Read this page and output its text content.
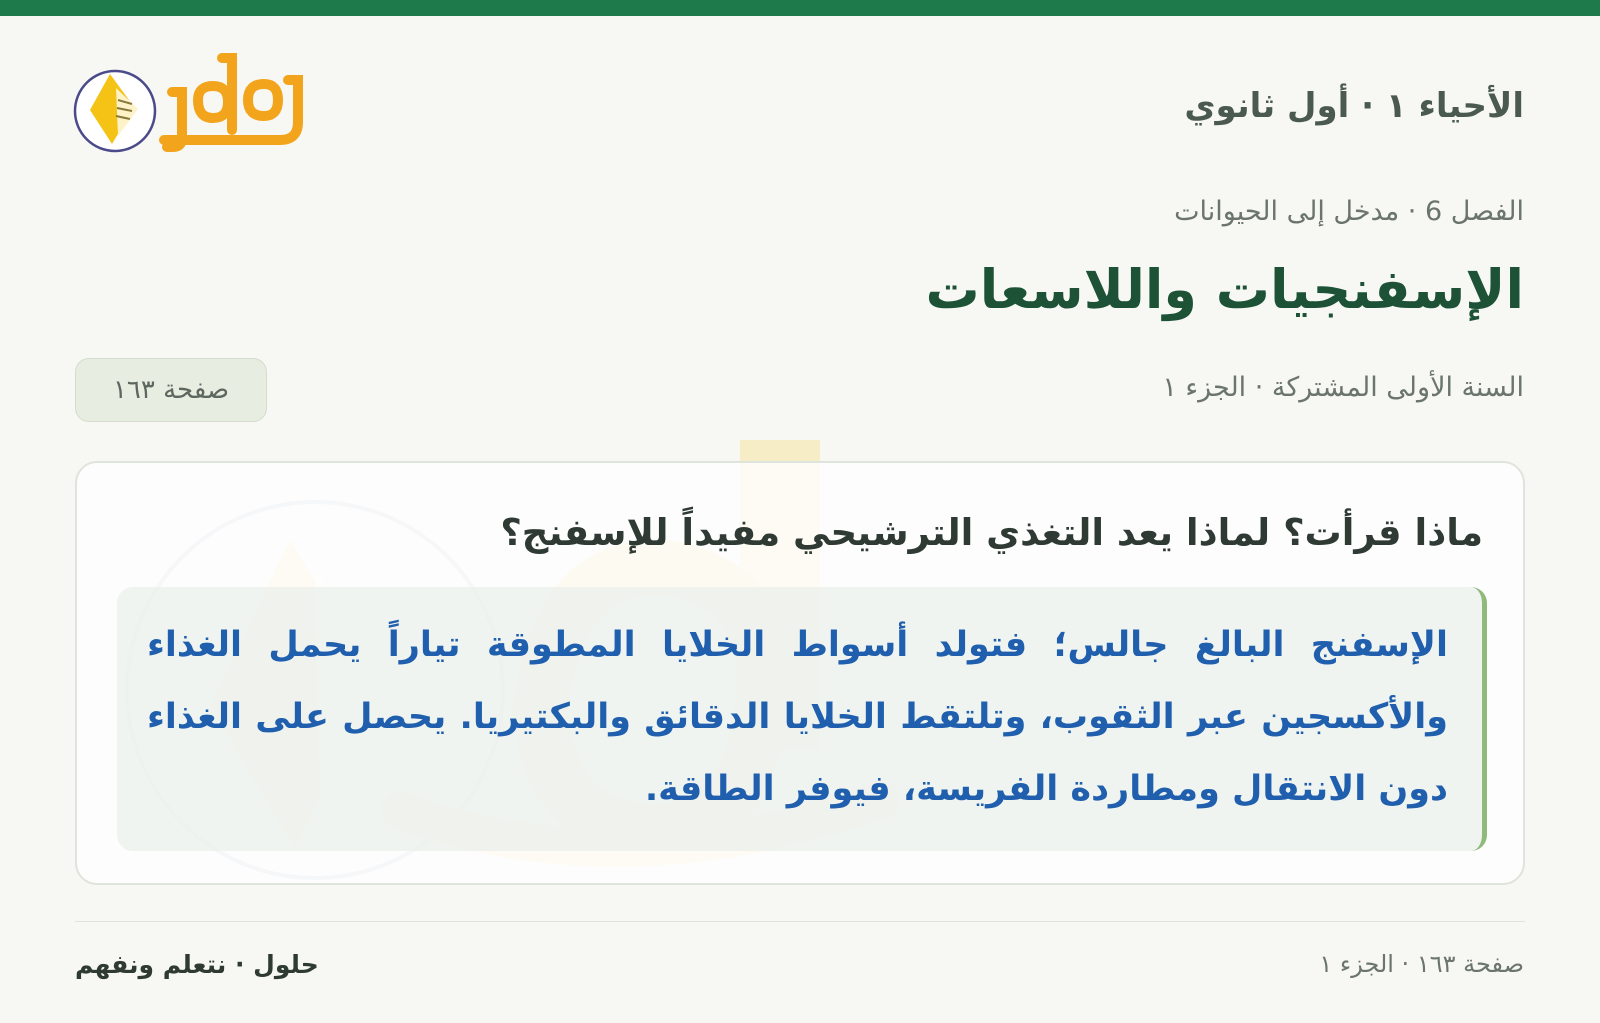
الأحياء ١ · أول ثانوي
الفصل 6 · مدخل إلى الحيوانات
الإسفنجيات واللاسعات
السنة الأولى المشتركة · الجزء ١
صفحة ١٦٣
ماذا قرأت؟ لماذا يعد التغذي الترشيحي مفيداً للإسفنج؟
الإسفنج البالغ جالس؛ فتولد أسواط الخلايا المطوقة تياراً يحمل الغذاء والأكسجين عبر الثقوب، وتلتقط الخلايا الدقائق والبكتيريا. يحصل على الغذاء دون الانتقال ومطاردة الفريسة، فيوفر الطاقة.
صفحة ١٦٣ · الجزء ١
حلول · نتعلم ونفهم
